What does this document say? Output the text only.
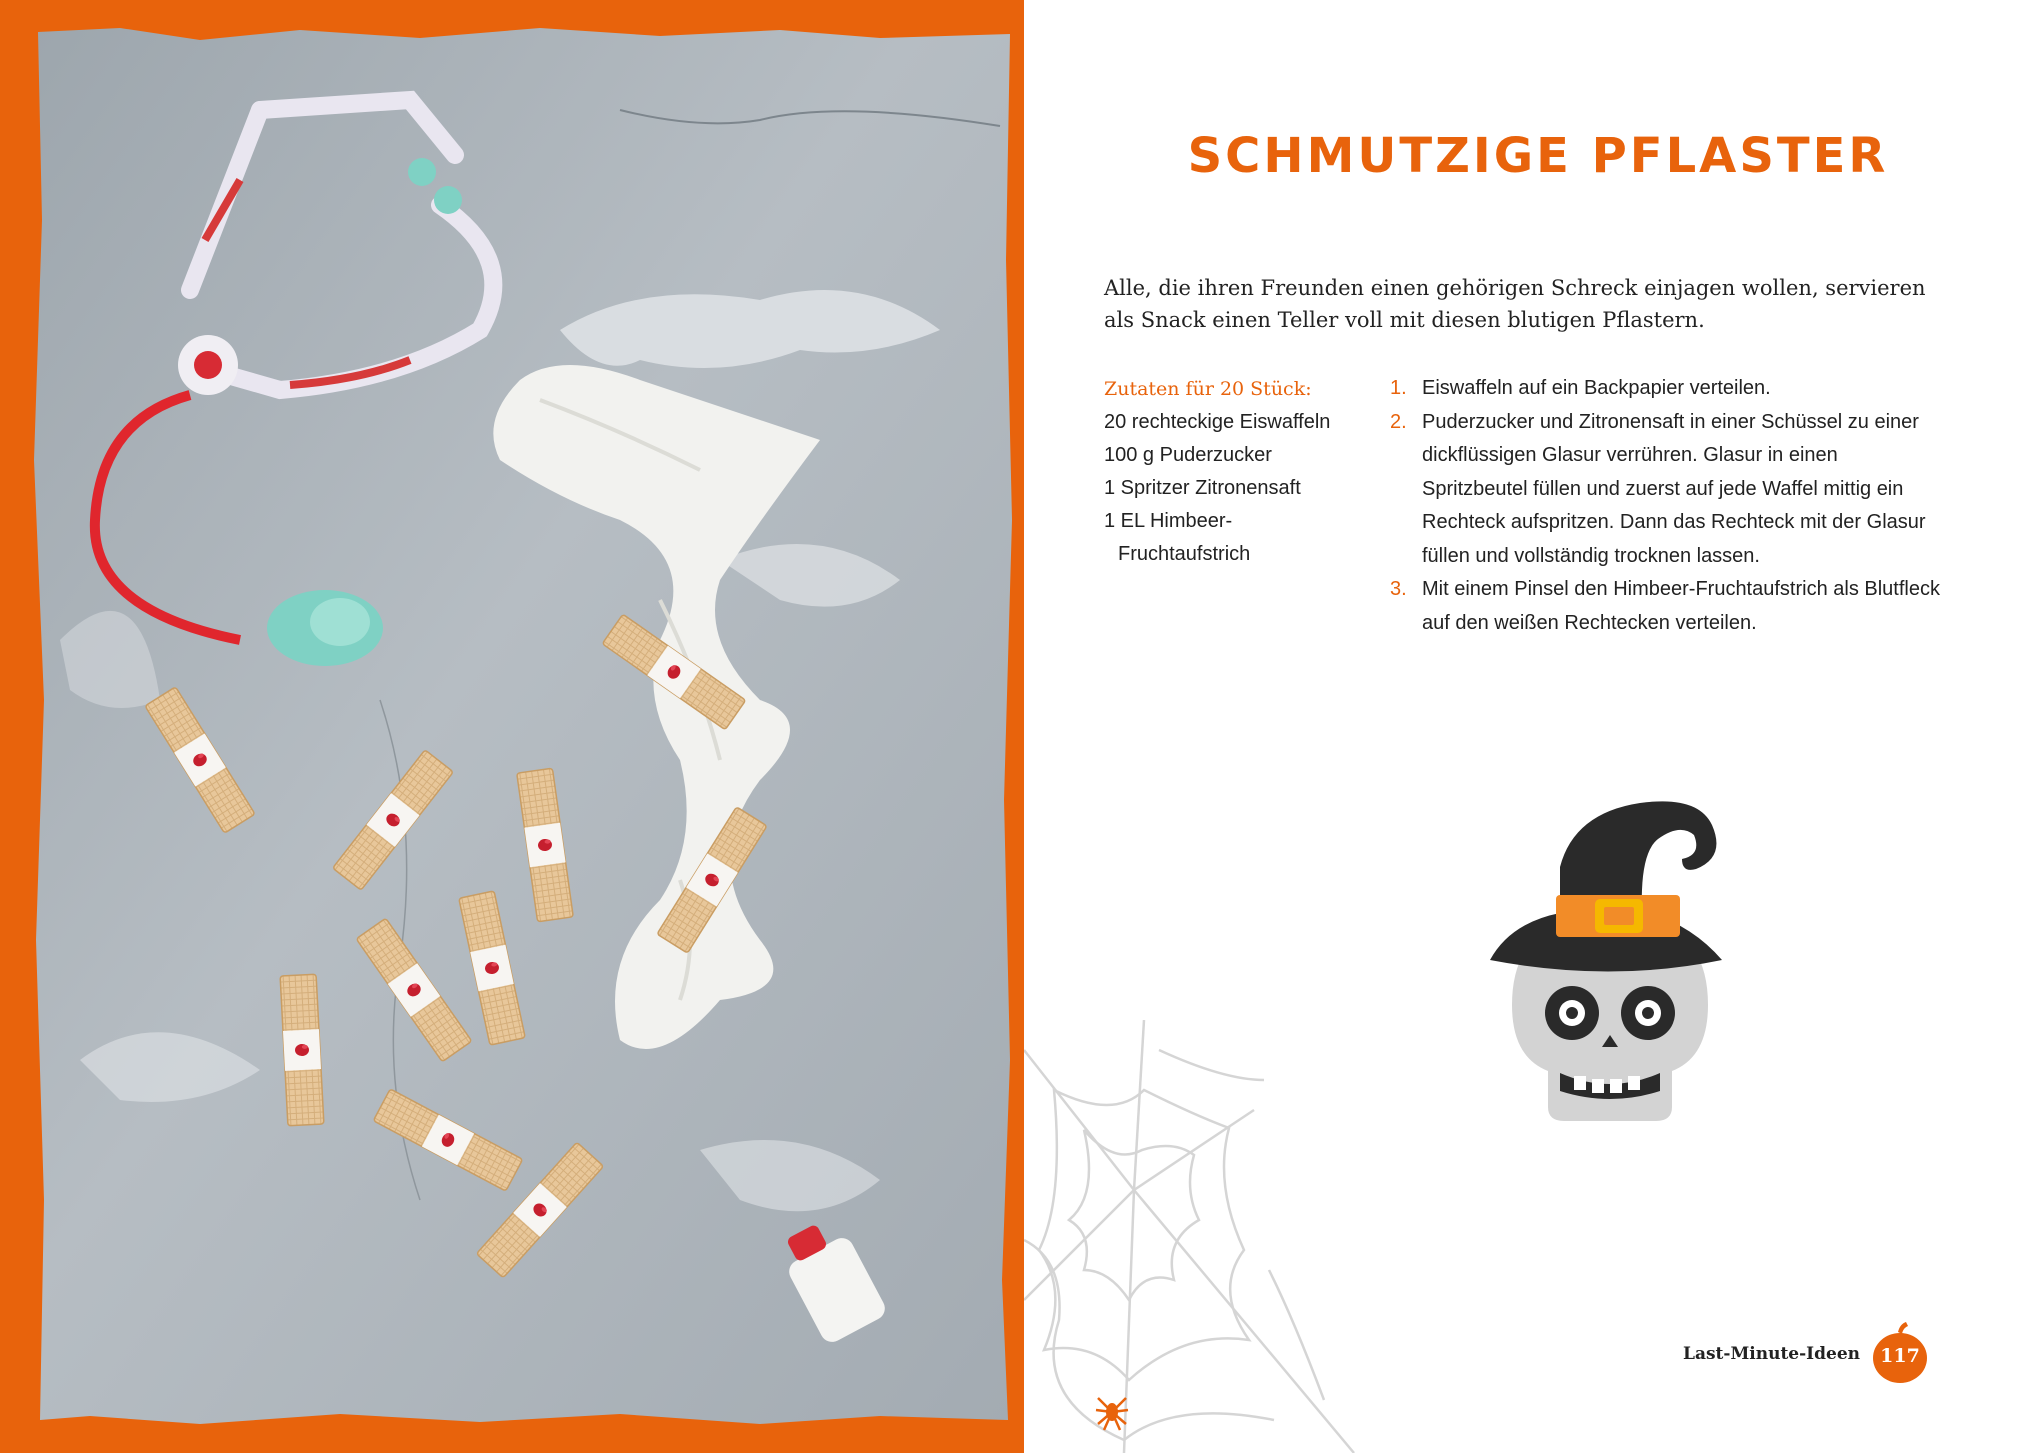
SCHMUTZIGE PFLASTER

Alle, die ihren Freunden einen gehörigen Schreck einjagen wollen, servieren als Snack einen Teller voll mit diesen blutigen Pflastern.

Zutaten für 20 Stück:

20 rechteckige Eiswaffeln
100 g Puderzucker
1 Spritzer Zitronensaft
1 EL Himbeer-
Fruchtaufstrich
1. Eiswaffeln auf ein Backpapier verteilen.
2. Puderzucker und Zitronensaft in einer Schüssel zu einer dickflüssigen Glasur verrühren. Glasur in einen Spritzbeutel füllen und zuerst auf jede Waffel mittig ein Rechteck aufspritzen. Dann das Rechteck mit der Glasur füllen und vollständig trocknen lassen.
3. Mit einem Pinsel den Himbeer-Fruchtaufstrich als Blutfleck auf den weißen Rechtecken verteilen.
Last-Minute-Ideen	117
